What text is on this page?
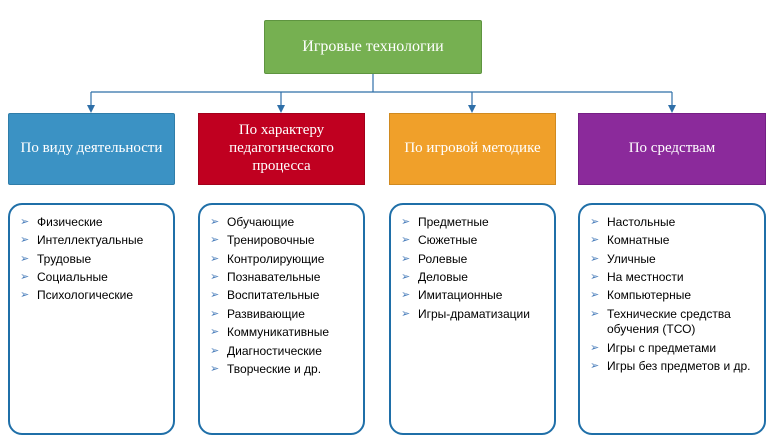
Игровые технологии
По виду деятельности
По характеру педагогического процесса
По игровой методике	По средствам
➢ Физические
➢ Интеллектуальные
➢ Трудовые
➢ Социальные
➢ Психологические
➢ Обучающие
➢ Тренировочные
➢ Контролирующие
➢ Познавательные
➢ Воспитательные
➢ Развивающие
➢ Коммуникативные
➢ Диагностические
➢ Творческие и др.
➢ Предметные
➢ Сюжетные
➢ Ролевые
➢ Деловые
➢ Имитационные
➢ Игры-драматизации
➢ Настольные
➢ Комнатные
➢ Уличные
➢ На местности
➢ Компьютерные
➢ Технические средства обучения (ТСО)
➢ Игры с предметами
➢ Игры без предметов и др.
